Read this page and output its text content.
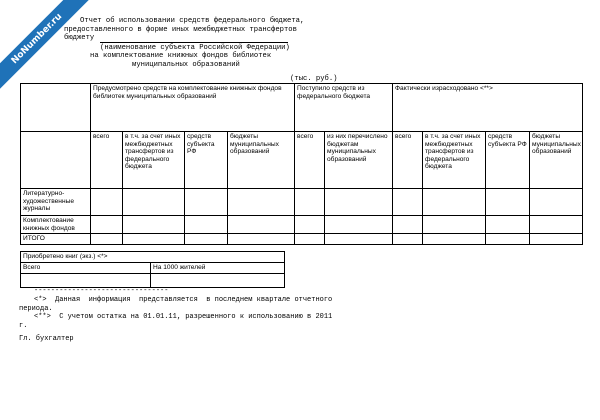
NoNumber.ru	Отчет об использовании средств федерального бюджета,
предоставленного в форме иных межбюджетных трансфертов
бюджету
(наименование субъекта Российской Федерации)
на комплектование книжных фондов библиотек
муниципальных образований
(тыс. руб.)
	Предусмотрено средств на комплектование книжных фондов библиотек муниципальных образований				Поступило средств из федерального бюджета		Фактически израсходовано <**>			
	всего	в т.ч. за счет иных межбюджетных трансфертов из федерального бюджета	средств субъекта РФ	бюджеты муниципальных образований	всего	из них перечислено бюджетам муниципальных образований	всего	в т.ч. за счет иных межбюджетных трансфертов из федерального бюджета	средств субъекта РФ	бюджеты муниципальных образований
Литературно-художественные журналы										
Комплектование книжных фондов										
ИТОГО										
Приобретено книг (экз.) <*>	
Всего	На 1000 жителей

--------------------------------
<*>  Данная  информация  представляется  в последнем квартале отчетного
периода.
<**>  С учетом остатка на 01.01.11, разрешенного к использованию в 2011
г.
Гл. бухгалтер
